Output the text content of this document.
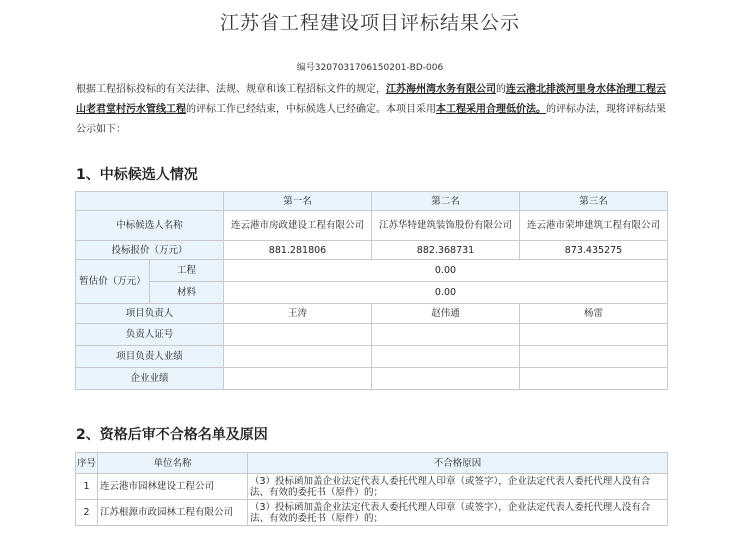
江苏省工程建设项目评标结果公示
编号3207031706150201-BD-006
根据工程招标投标的有关法律、法规、规章和该工程招标文件的规定，江苏海州湾水务有限公司的连云港北排淡河里身水体治理工程云山老君堂村污水管线工程的评标工作已经结束，中标候选人已经确定。本项目采用本工程采用合理低价法。的评标办法，现将评标结果公示如下：
1、中标候选人情况
		第一名	第二名	第三名
中标候选人名称		连云港市房政建设工程有限公司	江苏华特建筑装饰股份有限公司	连云港市荣坤建筑工程有限公司
投标报价（万元）		881.281806	882.368731	873.435275
暂估价（万元）	工程	0.00		
	材料	0.00		
项目负责人		王涛	赵伟通	杨雷
负责人证号				
项目负责人业绩				
企业业绩				
2、资格后审不合格名单及原因
序号	单位名称	不合格原因
1	连云港市园林建设工程公司	（3）投标函加盖企业法定代表人委托代理人印章（或签字），企业法定代表人委托代理人没有合法、有效的委托书（原件）的；
2	江苏根源市政园林工程有限公司	（3）投标函加盖企业法定代表人委托代理人印章（或签字），企业法定代表人委托代理人没有合法、有效的委托书（原件）的；
